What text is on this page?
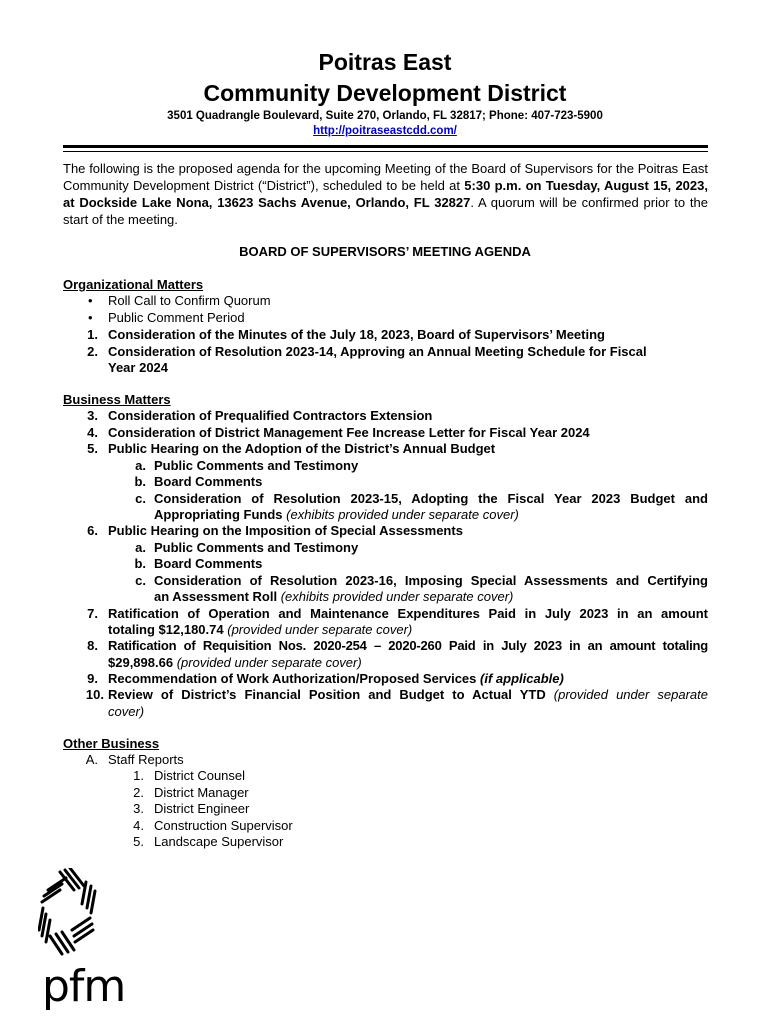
Poitras East
Community Development District
3501 Quadrangle Boulevard, Suite 270, Orlando, FL 32817; Phone: 407-723-5900
http://poitraseastcdd.com/
The following is the proposed agenda for the upcoming Meeting of the Board of Supervisors for the Poitras East Community Development District (“District”), scheduled to be held at 5:30 p.m. on Tuesday, August 15, 2023, at Dockside Lake Nona, 13623 Sachs Avenue, Orlando, FL 32827. A quorum will be confirmed prior to the start of the meeting.
BOARD OF SUPERVISORS’ MEETING AGENDA
Organizational Matters
• Roll Call to Confirm Quorum
• Public Comment Period
1. Consideration of the Minutes of the July 18, 2023, Board of Supervisors’ Meeting
2. Consideration of Resolution 2023-14, Approving an Annual Meeting Schedule for Fiscal
Year 2024
Business Matters
3. Consideration of Prequalified Contractors Extension
4. Consideration of District Management Fee Increase Letter for Fiscal Year 2024
5. Public Hearing on the Adoption of the District’s Annual Budget
a. Public Comments and Testimony
b. Board Comments
c. Consideration of Resolution 2023-15, Adopting the Fiscal Year 2023 Budget and
Appropriating Funds (exhibits provided under separate cover)
6. Public Hearing on the Imposition of Special Assessments
a. Public Comments and Testimony
b. Board Comments
c. Consideration of Resolution 2023-16, Imposing Special Assessments and Certifying
an Assessment Roll (exhibits provided under separate cover)
7. Ratification of Operation and Maintenance Expenditures Paid in July 2023 in an amount
totaling $12,180.74 (provided under separate cover)
8. Ratification of Requisition Nos. 2020-254 – 2020-260 Paid in July 2023 in an amount totaling
$29,898.66 (provided under separate cover)
9. Recommendation of Work Authorization/Proposed Services (if applicable)
10. Review of District’s Financial Position and Budget to Actual YTD (provided under separate
cover)
Other Business
A. Staff Reports
1. District Counsel
2. District Manager
3. District Engineer
4. Construction Supervisor
5. Landscape Supervisor
pfm
